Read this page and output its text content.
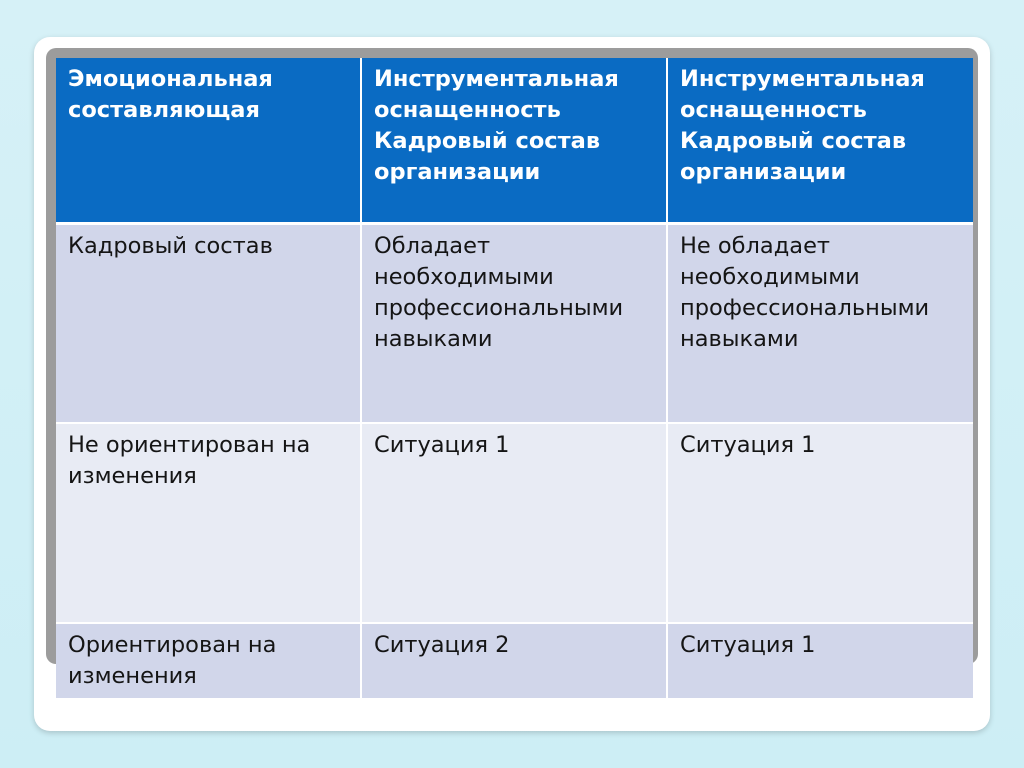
Эмоциональная составляющая	Инструментальная оснащенность Кадровый состав организации	Инструментальная оснащенность Кадровый состав организации
Кадровый состав	Обладает необходимыми профессиональными навыками	Не обладает необходимыми профессиональными навыками
Не ориентирован на изменения	Ситуация 1	Ситуация 1
Ориентирован на изменения	Ситуация 2	Ситуация 1
